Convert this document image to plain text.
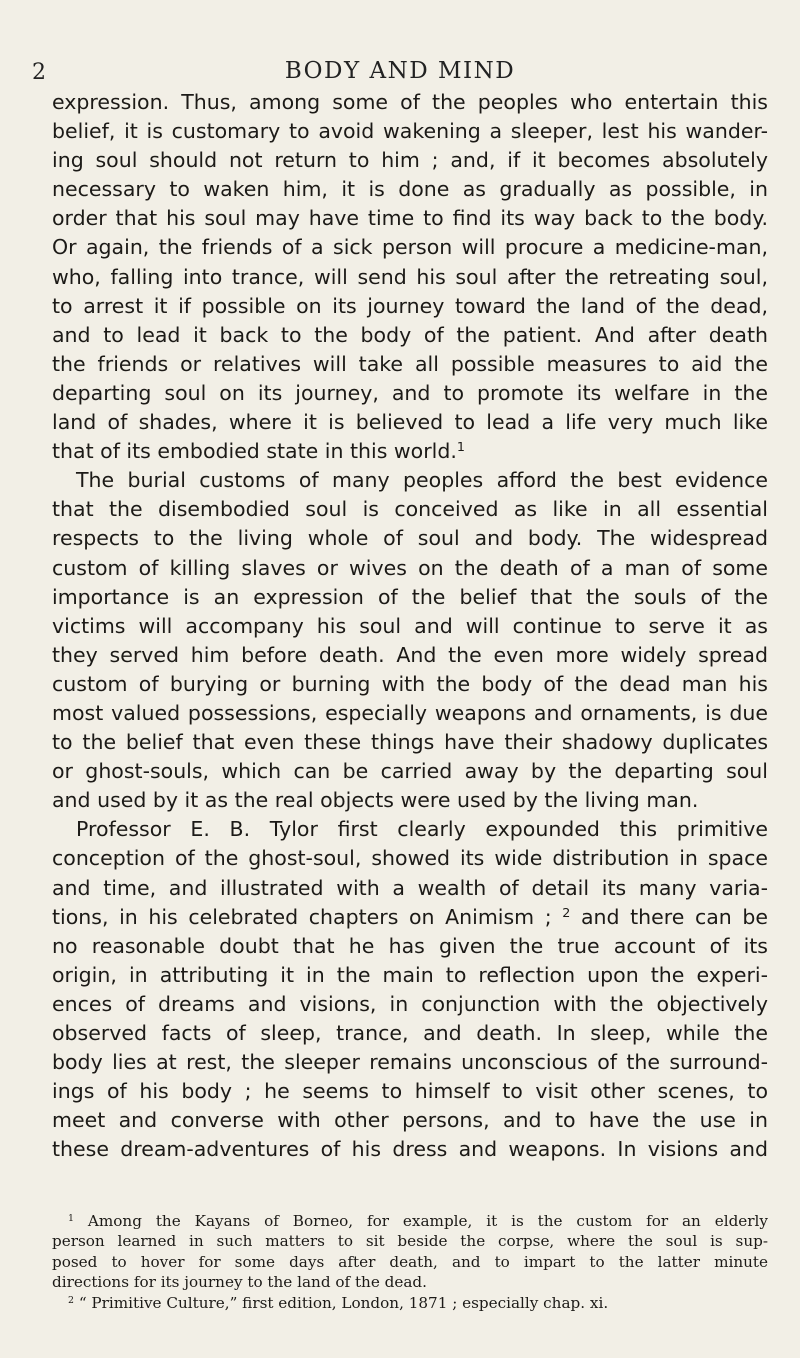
2	BODY AND MIND
expression. Thus, among some of the peoples who entertain this
belief, it is customary to avoid wakening a sleeper, lest his wander-
ing soul should not return to him ; and, if it becomes absolutely
necessary to waken him, it is done as gradually as possible, in
order that his soul may have time to find its way back to the body.
Or again, the friends of a sick person will procure a medicine-man,
who, falling into trance, will send his soul after the retreating soul,
to arrest it if possible on its journey toward the land of the dead,
and to lead it back to the body of the patient. And after death
the friends or relatives will take all possible measures to aid the
departing soul on its journey, and to promote its welfare in the
land of shades, where it is believed to lead a life very much like
that of its embodied state in this world.$^1$
The burial customs of many peoples afford the best evidence
that the disembodied soul is conceived as like in all essential
respects to the living whole of soul and body. The widespread
custom of killing slaves or wives on the death of a man of some
importance is an expression of the belief that the souls of the
victims will accompany his soul and will continue to serve it as
they served him before death. And the even more widely spread
custom of burying or burning with the body of the dead man his
most valued possessions, especially weapons and ornaments, is due
to the belief that even these things have their shadowy duplicates
or ghost-souls, which can be carried away by the departing soul
and used by it as the real objects were used by the living man.
Professor E. B. Tylor first clearly expounded this primitive
conception of the ghost-soul, showed its wide distribution in space
and time, and illustrated with a wealth of detail its many varia-
tions, in his celebrated chapters on Animism ; $^2$ and there can be
no reasonable doubt that he has given the true account of its
origin, in attributing it in the main to reflection upon the experi-
ences of dreams and visions, in conjunction with the objectively
observed facts of sleep, trance, and death. In sleep, while the
body lies at rest, the sleeper remains unconscious of the surround-
ings of his body ; he seems to himself to visit other scenes, to
meet and converse with other persons, and to have the use in
these dream-adventures of his dress and weapons. In visions and
$^1$ Among the Kayans of Borneo, for example, it is the custom for an elderly
person learned in such matters to sit beside the corpse, where the soul is sup-
posed to hover for some days after death, and to impart to the latter minute
directions for its journey to the land of the dead.
$^2$ “ Primitive Culture,” first edition, London, 1871 ; especially chap. xi.
